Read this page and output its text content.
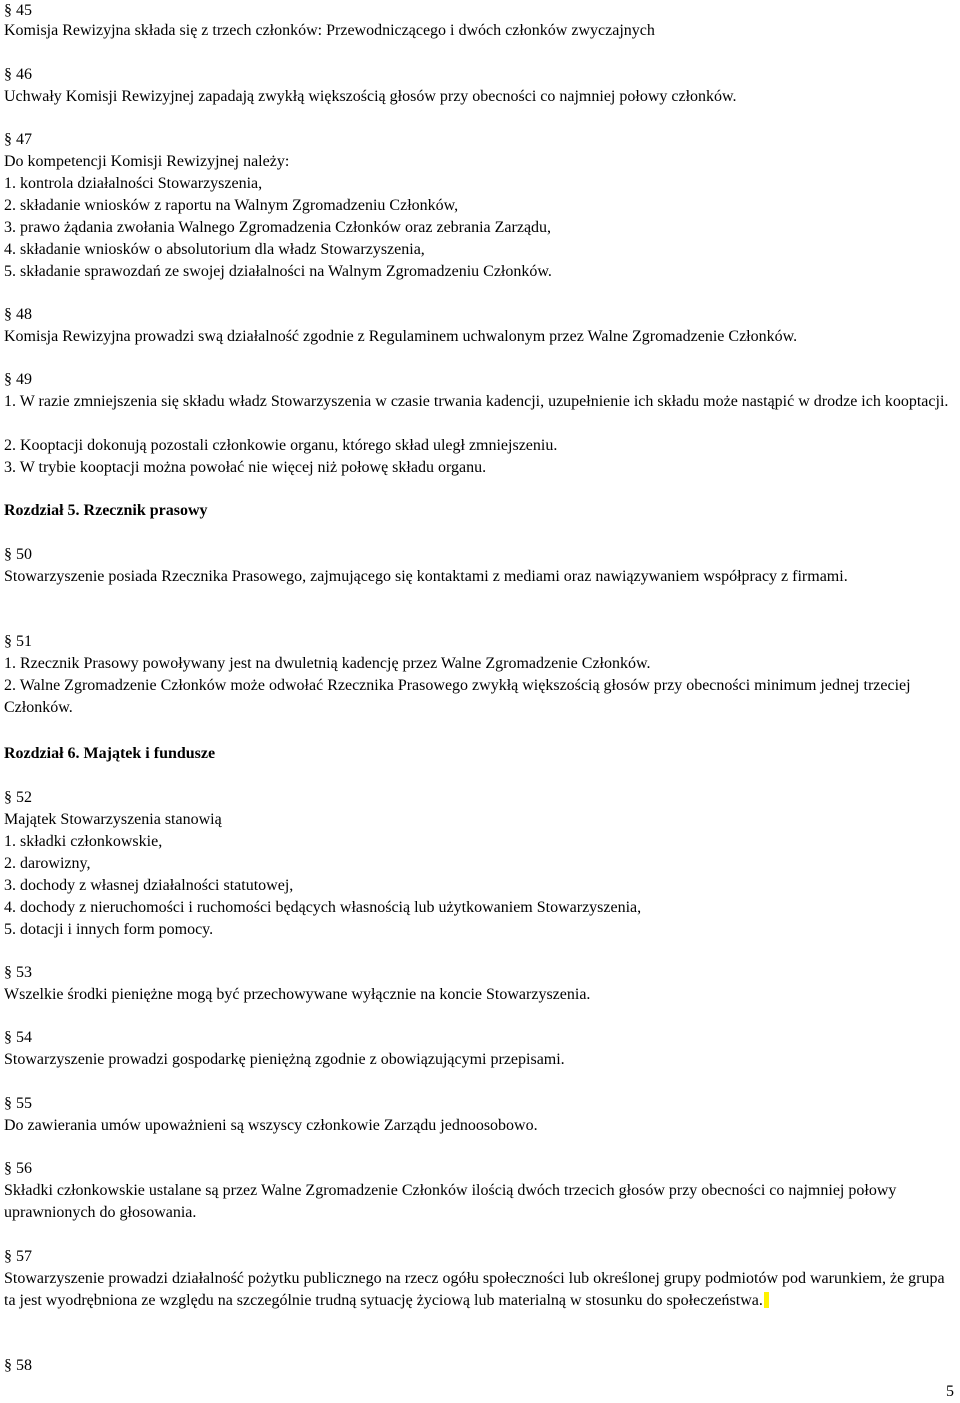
§ 45
Komisja Rewizyjna składa się z trzech członków: Przewodniczącego i dwóch członków zwyczajnych
§ 46
Uchwały Komisji Rewizyjnej zapadają zwykłą większością głosów przy obecności co najmniej połowy członków.
§ 47
Do kompetencji Komisji Rewizyjnej należy:
1. kontrola działalności Stowarzyszenia,
2. składanie wniosków z raportu na Walnym Zgromadzeniu Członków,
3. prawo żądania zwołania Walnego Zgromadzenia Członków oraz zebrania Zarządu,
4. składanie wniosków o absolutorium dla władz Stowarzyszenia,
5. składanie sprawozdań ze swojej działalności na Walnym Zgromadzeniu Członków.
§ 48
Komisja Rewizyjna prowadzi swą działalność zgodnie z Regulaminem uchwalonym przez Walne Zgromadzenie Członków.
§ 49
1. W razie zmniejszenia się składu władz Stowarzyszenia w czasie trwania kadencji, uzupełnienie ich składu może nastąpić w drodze ich kooptacji.
2. Kooptacji dokonują pozostali członkowie organu, którego skład uległ zmniejszeniu.
3. W trybie kooptacji można powołać nie więcej niż połowę składu organu.
Rozdział 5. Rzecznik prasowy
§ 50
Stowarzyszenie posiada Rzecznika Prasowego, zajmującego się kontaktami z mediami oraz nawiązywaniem współpracy z firmami.
§ 51
1. Rzecznik Prasowy powoływany jest na dwuletnią kadencję przez Walne Zgromadzenie Członków.
2. Walne Zgromadzenie Członków może odwołać Rzecznika Prasowego zwykłą większością głosów przy obecności minimum jednej trzeciej Członków.
Rozdział 6. Majątek i fundusze
§ 52
Majątek Stowarzyszenia stanowią
1. składki członkowskie,
2. darowizny,
3. dochody z własnej działalności statutowej,
4. dochody z nieruchomości i ruchomości będących własnością lub użytkowaniem Stowarzyszenia,
5. dotacji i innych form pomocy.
§ 53
Wszelkie środki pieniężne mogą być przechowywane wyłącznie na koncie Stowarzyszenia.
§ 54
Stowarzyszenie prowadzi gospodarkę pieniężną zgodnie z obowiązującymi przepisami.
§ 55
Do zawierania umów upoważnieni są wszyscy członkowie Zarządu jednoosobowo.
§ 56
Składki członkowskie ustalane są przez Walne Zgromadzenie Członków ilością dwóch trzecich głosów przy obecności co najmniej połowy uprawnionych do głosowania.
§ 57
Stowarzyszenie prowadzi działalność pożytku publicznego na rzecz ogółu społeczności lub określonej grupy podmiotów pod warunkiem, że grupa ta jest wyodrębniona ze względu na szczególnie trudną sytuację życiową lub materialną w stosunku do społeczeństwa.
§ 58
5
